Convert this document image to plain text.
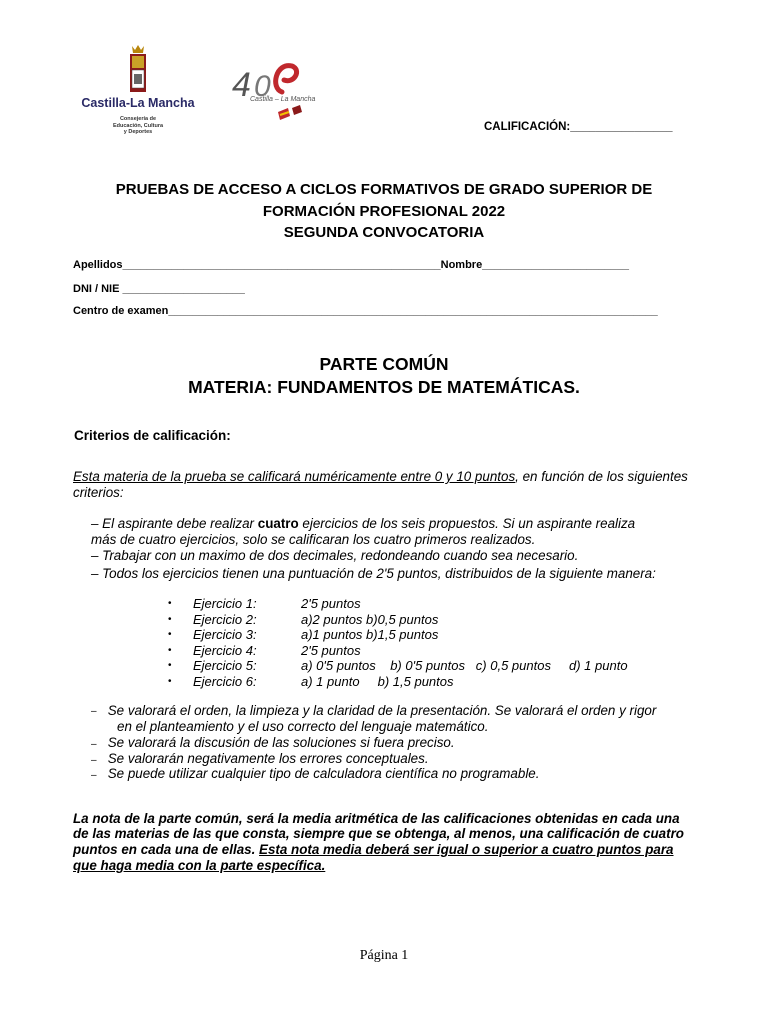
Castilla-La Mancha
Consejería de
Educación, Cultura
y Deportes
4 0
Castilla – La Mancha
CALIFICACIÓN:________________
PRUEBAS DE ACCESO A CICLOS FORMATIVOS DE GRADO SUPERIOR DE
FORMACIÓN PROFESIONAL 2022
SEGUNDA CONVOCATORIA
Apellidos____________________________________________________Nombre________________________
DNI / NIE ____________________
Centro de examen________________________________________________________________________________
PARTE COMÚN
MATERIA: FUNDAMENTOS DE MATEMÁTICAS.
Criterios de calificación:
Esta materia de la prueba se calificará numéricamente entre 0 y 10 puntos, en función de los siguientes
criterios:
– El aspirante debe realizar cuatro ejercicios de los seis propuestos. Si un aspirante realiza
más de cuatro ejercicios, solo se calificaran los cuatro primeros realizados.
– Trabajar con un maximo de dos decimales, redondeando cuando sea necesario.
– Todos los ejercicios tienen una puntuación de 2'5 puntos, distribuidos de la siguiente manera:
• Ejercicio 1:	2'5 puntos
• Ejercicio 2:	a)2 puntos b)0,5 puntos
• Ejercicio 3:	a)1 puntos b)1,5 puntos
• Ejercicio 4:	2'5 puntos
• Ejercicio 5:	a) 0'5 puntos    b) 0'5 puntos   c) 0,5 puntos     d) 1 punto
• Ejercicio 6:	a) 1 punto     b) 1,5 puntos
– Se valorará el orden, la limpieza y la claridad de la presentación. Se valorará el orden y rigor
en el planteamiento y el uso correcto del lenguaje matemático.
– Se valorará la discusión de las soluciones si fuera preciso.
– Se valorarán negativamente los errores conceptuales.
– Se puede utilizar cualquier tipo de calculadora científica no programable.
La nota de la parte común, será la media aritmética de las calificaciones obtenidas en cada una
de las materias de las que consta, siempre que se obtenga, al menos, una calificación de cuatro
puntos en cada una de ellas. Esta nota media deberá ser igual o superior a cuatro puntos para
que haga media con la parte específica.
Página 1
